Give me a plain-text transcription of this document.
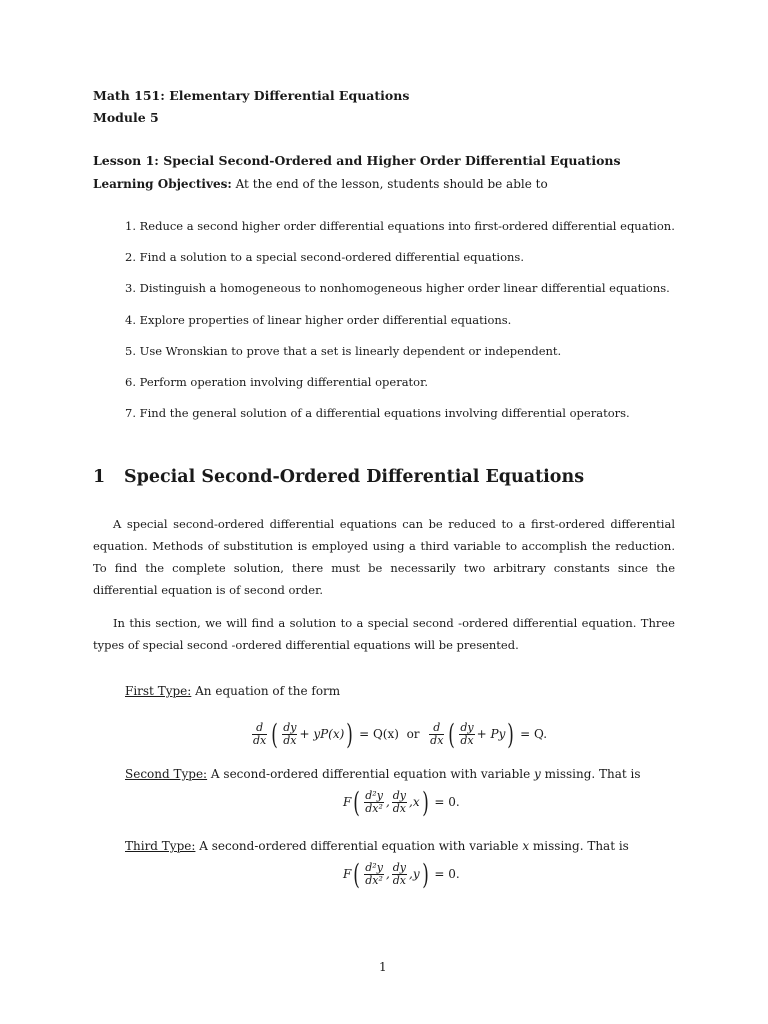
Math 151: Elementary Differential Equations
Module 5
Lesson 1: Special Second-Ordered and Higher Order Differential Equations
Learning Objectives: At the end of the lesson, students should be able to
1. Reduce a second higher order differential equations into first-ordered differential equation.
2. Find a solution to a special second-ordered differential equations.
3. Distinguish a homogeneous to nonhomogeneous higher order linear differential equations.
4. Explore properties of linear higher order differential equations.
5. Use Wronskian to prove that a set is linearly dependent or independent.
6. Perform operation involving differential operator.
7. Find the general solution of a differential equations involving differential operators.
1 Special Second-Ordered Differential Equations
A special second-ordered differential equations can be reduced to a first-ordered differential equation. Methods of substitution is employed using a third variable to accomplish the reduction. To find the complete solution, there must be necessarily two arbitrary constants since the differential equation is of second order.
In this section, we will find a solution to a special second -ordered differential equation. Three types of special second -ordered differential equations will be presented.
First Type: An equation of the form
$\frac{d}{dx}$ ( $\frac{dy}{dx} + yP(x)) = Q(x)$ or $\frac{d}{dx}$ ( $\frac{dy}{dx} + Py) = Q$.
Second Type: A second-ordered differential equation with variable y missing. That is
$F( \frac{\text{d²y}}{\text{dx²}}$ , $\frac{dy}{dx} ,x) = 0$.
Third Type: A second-ordered differential equation with variable x missing. That is
$F( \frac{\text{d²y}}{\text{dx²}}$ , $\frac{dy}{dx} ,y) = 0$.
1
